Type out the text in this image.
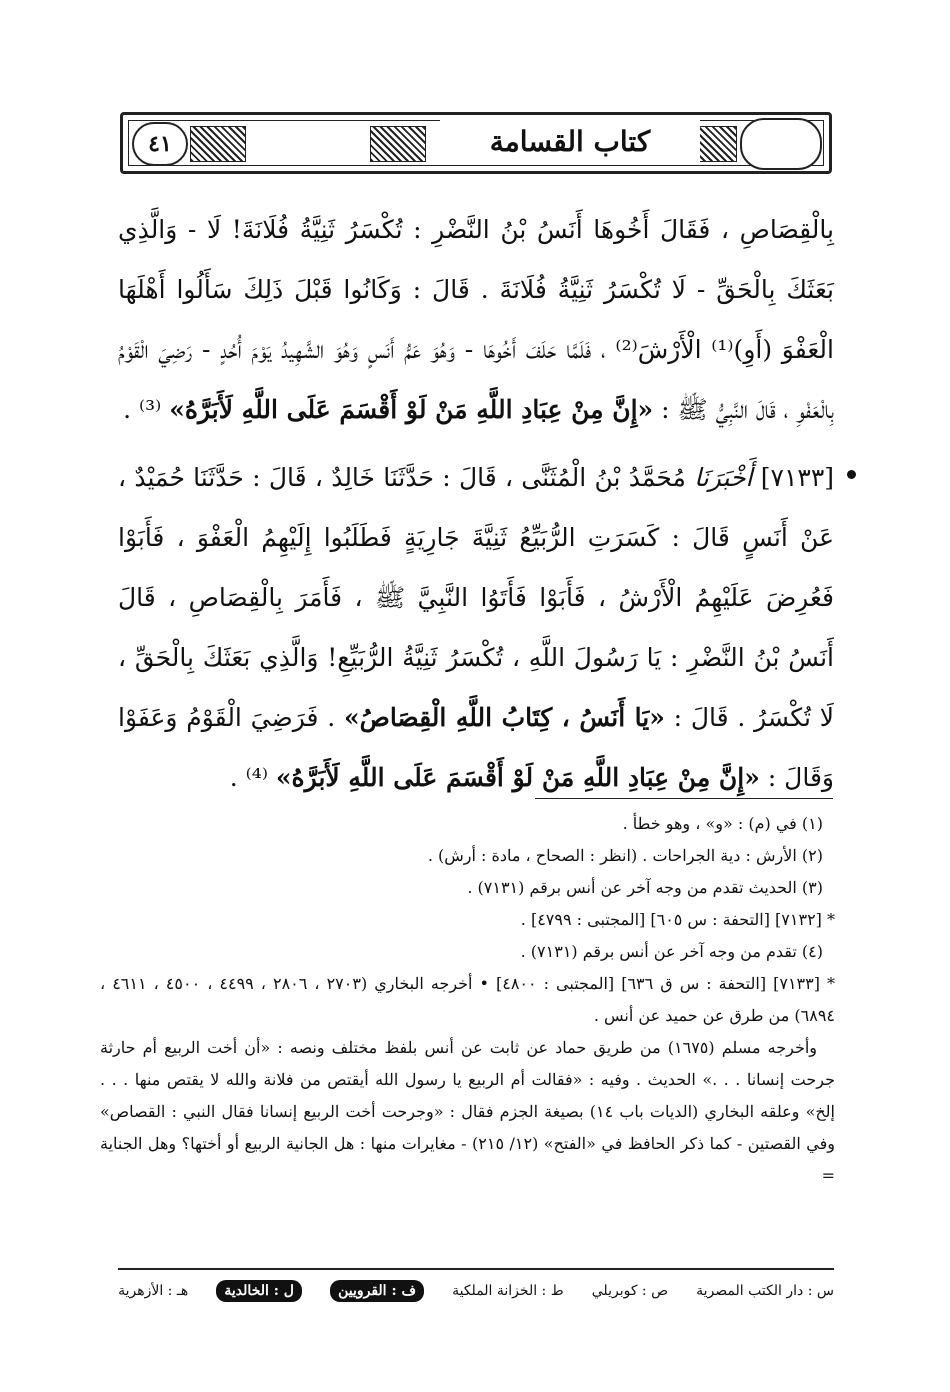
٤١	كتاب القسامة

بِالْقِصَاصِ ، فَقَالَ أَخُوهَا أَنَسُ بْنُ النَّضْرِ : تُكْسَرُ ثَنِيَّةُ فُلَانَةَ! لَا - وَالَّذِي بَعَثَكَ بِالْحَقِّ - لَا تُكْسَرُ ثَنِيَّةُ فُلَانَةَ . قَالَ : وَكَانُوا قَبْلَ ذَلِكَ سَأَلُوا أَهْلَهَا الْعَفْوَ (أَوِ)⁽¹⁾ الْأَرْشَ⁽²⁾ ، فَلَمَّا حَلَفَ أَخُوهَا - وَهُوَ عَمُّ أَنَسٍ وَهُوَ الشَّهِيدُ يَوْمَ أُحُدٍ - رَضِيَ الْقَوْمُ بِالْعَفْوِ ، قَالَ النَّبِيُّ ﷺ : «إِنَّ مِنْ عِبَادِ اللَّهِ مَنْ لَوْ أَقْسَمَ عَلَى اللَّهِ لَأَبَرَّهُ» ⁽³⁾ .

[٧١٣٣] أَخْبَرَنَا مُحَمَّدُ بْنُ الْمُثَنَّى ، قَالَ : حَدَّثَنَا خَالِدٌ ، قَالَ : حَدَّثَنَا حُمَيْدٌ ، عَنْ أَنَسٍ قَالَ : كَسَرَتِ الرُّبَيِّعُ ثَنِيَّةَ جَارِيَةٍ فَطَلَبُوا إِلَيْهِمُ الْعَفْوَ ، فَأَبَوْا فَعُرِضَ عَلَيْهِمُ الْأَرْشُ ، فَأَبَوْا فَأَتَوُا النَّبِيَّ ﷺ ، فَأَمَرَ بِالْقِصَاصِ ، قَالَ أَنَسُ بْنُ النَّضْرِ : يَا رَسُولَ اللَّهِ ، تُكْسَرُ ثَنِيَّةُ الرُّبَيِّعِ! وَالَّذِي بَعَثَكَ بِالْحَقِّ ، لَا تُكْسَرُ . قَالَ : «يَا أَنَسُ ، كِتَابُ اللَّهِ الْقِصَاصُ» . فَرَضِيَ الْقَوْمُ وَعَفَوْا وَقَالَ : «إِنَّ مِنْ عِبَادِ اللَّهِ مَنْ لَوْ أَقْسَمَ عَلَى اللَّهِ لَأَبَرَّهُ» ⁽⁴⁾ .

(١) في (م) : «و» ، وهو خطأ .

(٢) الأرش : دية الجراحات . (انظر : الصحاح ، مادة : أرش) .

(٣) الحديث تقدم من وجه آخر عن أنس برقم (٧١٣١) .

* [٧١٣٢] [التحفة : س ٦٠٥] [المجتبى : ٤٧٩٩] .

(٤) تقدم من وجه آخر عن أنس برقم (٧١٣١) .

* [٧١٣٣] [التحفة : س ق ٦٣٦] [المجتبى : ٤٨٠٠] • أخرجه البخاري (٢٧٠٣ ، ٢٨٠٦ ، ٤٤٩٩ ، ٤٥٠٠ ، ٤٦١١ ، ٦٨٩٤) من طرق عن حميد عن أنس .

وأخرجه مسلم (١٦٧٥) من طريق حماد عن ثابت عن أنس بلفظ مختلف ونصه : «أن أخت الربيع أم حارثة جرحت إنسانا . . .» الحديث . وفيه : «فقالت أم الربيع يا رسول الله أيقتص من فلانة والله لا يقتص منها . . . إلخ» وعلقه البخاري (الديات باب ١٤) بصيغة الجزم فقال : «وجرحت أخت الربيع إنسانا فقال النبي : القصاص» وفي القصتين - كما ذكر الحافظ في «الفتح» (١٢/ ٢١٥) - مغايرات منها : هل الجانية الربيع أو أختها؟ وهل الجناية =

س : دار الكتب المصرية
ص : كوبريلي
ط : الخزانة الملكية
ف : القرويين
ل : الخالدية
هـ : الأزهرية
